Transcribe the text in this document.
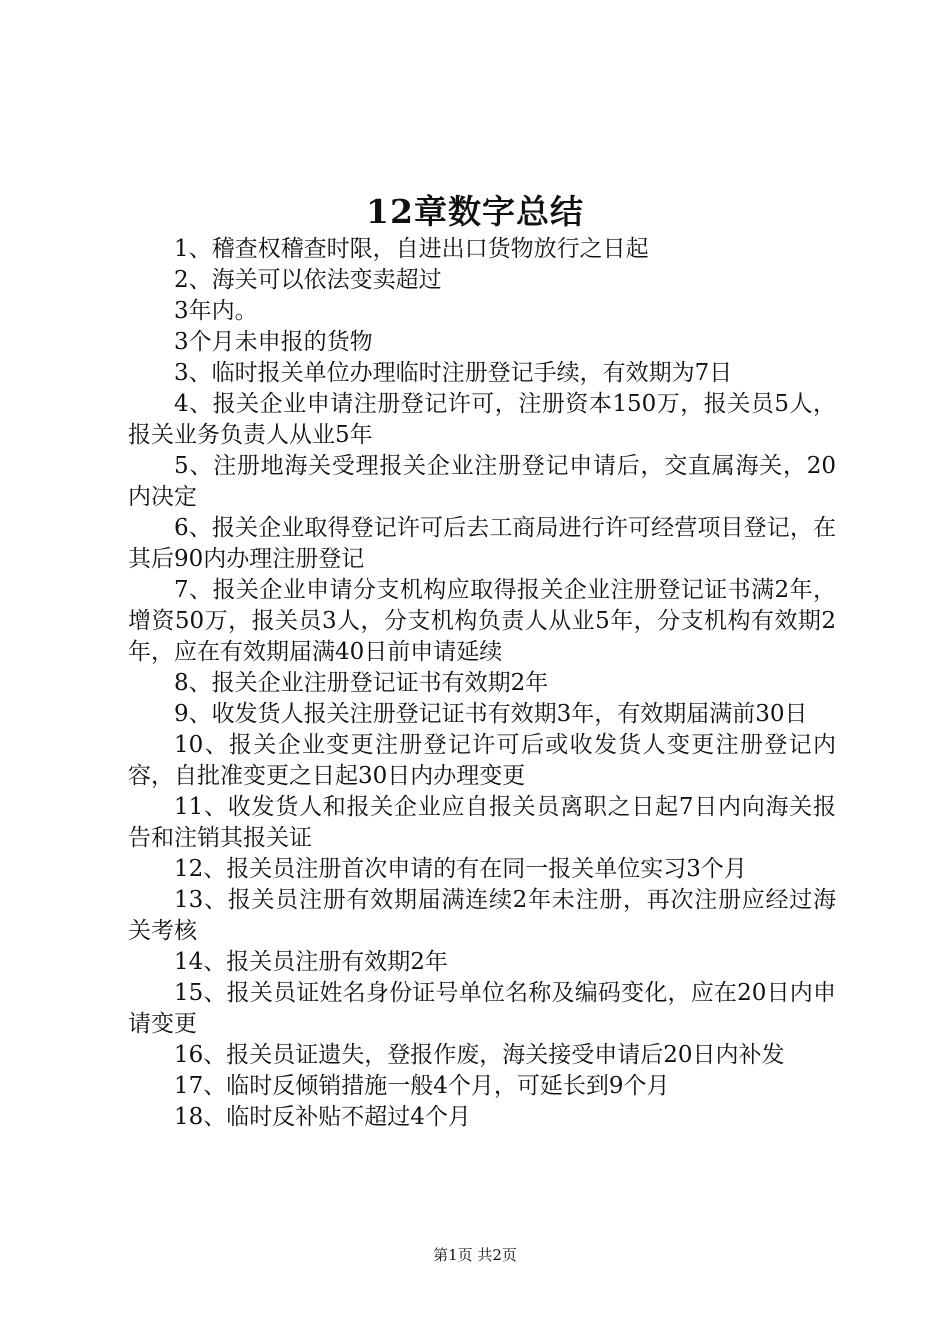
12章数字总结

1、稽查权稽查时限，自进出口货物放行之日起

2、海关可以依法变卖超过

3年内。

3个月未申报的货物

3、临时报关单位办理临时注册登记手续，有效期为7日

4、报关企业申请注册登记许可，注册资本150万，报关员5人，报关业务负责人从业5年

5、注册地海关受理报关企业注册登记申请后，交直属海关，20内决定

6、报关企业取得登记许可后去工商局进行许可经营项目登记，在其后90内办理注册登记

7、报关企业申请分支机构应取得报关企业注册登记证书满2年，增资50万，报关员3人，分支机构负责人从业5年，分支机构有效期2年，应在有效期届满40日前申请延续

8、报关企业注册登记证书有效期2年

9、收发货人报关注册登记证书有效期3年，有效期届满前30日

10、报关企业变更注册登记许可后或收发货人变更注册登记内容，自批准变更之日起30日内办理变更

11、收发货人和报关企业应自报关员离职之日起7日内向海关报告和注销其报关证

12、报关员注册首次申请的有在同一报关单位实习3个月

13、报关员注册有效期届满连续2年未注册，再次注册应经过海关考核

14、报关员注册有效期2年

15、报关员证姓名身份证号单位名称及编码变化，应在20日内申请变更

16、报关员证遗失，登报作废，海关接受申请后20日内补发

17、临时反倾销措施一般4个月，可延长到9个月

18、临时反补贴不超过4个月

第1页 共2页
